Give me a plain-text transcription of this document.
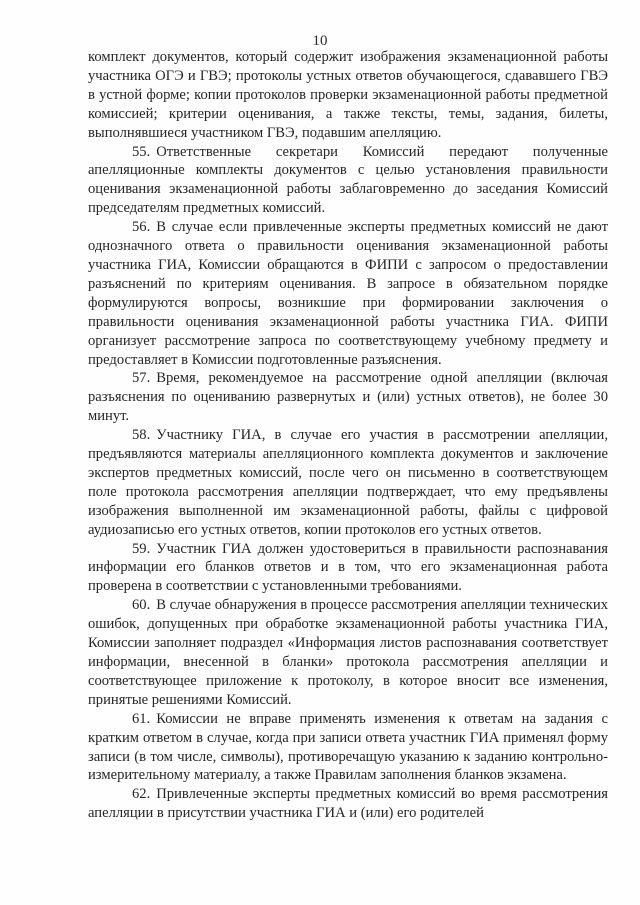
10

комплект документов, который содержит изображения экзаменационной работы участника ОГЭ и ГВЭ; протоколы устных ответов обучающегося, сдававшего ГВЭ в устной форме; копии протоколов проверки экзаменационной работы предметной комиссией; критерии оценивания, а также тексты, темы, задания, билеты, выполнявшиеся участником ГВЭ, подавшим апелляцию.

55. Ответственные секретари Комиссий передают полученные апелляционные комплекты документов с целью установления правильности оценивания экзаменационной работы заблаговременно до заседания Комиссий председателям предметных комиссий.

56. В случае если привлеченные эксперты предметных комиссий не дают однозначного ответа о правильности оценивания экзаменационной работы участника ГИА, Комиссии обращаются в ФИПИ с запросом о предоставлении разъяснений по критериям оценивания. В запросе в обязательном порядке формулируются вопросы, возникшие при формировании заключения о правильности оценивания экзаменационной работы участника ГИА. ФИПИ организует рассмотрение запроса по соответствующему учебному предмету и предоставляет в Комиссии подготовленные разъяснения.

57. Время, рекомендуемое на рассмотрение одной апелляции (включая разъяснения по оцениванию развернутых и (или) устных ответов), не более 30 минут.

58. Участнику ГИА, в случае его участия в рассмотрении апелляции, предъявляются материалы апелляционного комплекта документов и заключение экспертов предметных комиссий, после чего он письменно в соответствующем поле протокола рассмотрения апелляции подтверждает, что ему предъявлены изображения выполненной им экзаменационной работы, файлы с цифровой аудиозаписью его устных ответов, копии протоколов его устных ответов.

59. Участник ГИА должен удостовериться в правильности распознавания информации его бланков ответов и в том, что его экзаменационная работа проверена в соответствии с установленными требованиями.

60. В случае обнаружения в процессе рассмотрения апелляции технических ошибок, допущенных при обработке экзаменационной работы участника ГИА, Комиссии заполняет подраздел «Информация листов распознавания соответствует информации, внесенной в бланки» протокола рассмотрения апелляции и соответствующее приложение к протоколу, в которое вносит все изменения, принятые решениями Комиссий.

61. Комиссии не вправе применять изменения к ответам на задания с кратким ответом в случае, когда при записи ответа участник ГИА применял форму записи (в том числе, символы), противоречащую указанию к заданию контрольно-измерительному материалу, а также Правилам заполнения бланков экзамена.

62. Привлеченные эксперты предметных комиссий во время рассмотрения апелляции в присутствии участника ГИА и (или) его родителей
